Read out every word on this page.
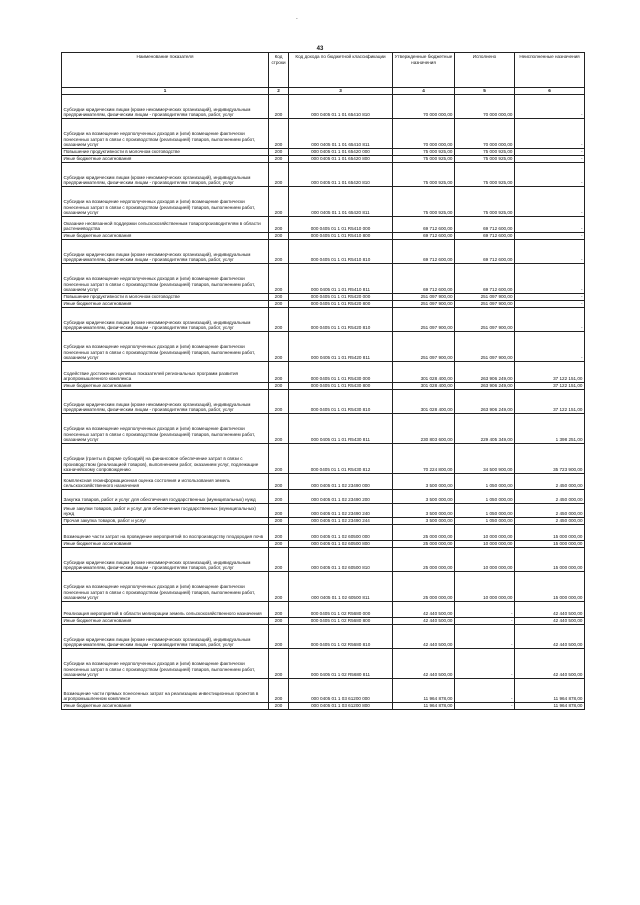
-
43
Наименование показателя	Код строки	Код дохода по бюджетной классификации	Утвержденные бюджетные назначения	Исполнено	Неисполненные назначения
1	2	3	4	5	6
Субсидии юридическим лицам (кроме некоммерческих организаций), индивидуальным предпринимателям, физическим лицам - производителям товаров, работ, услуг	200	000 0405 01 1 01 65410 810	70 000 000,00	70 000 000,00	-
Субсидии на возмещение недополученных доходов и (или) возмещение фактически понесенных затрат в связи с производством (реализацией) товаров, выполнением работ, оказанием услуг	200	000 0405 01 1 01 65410 811	70 000 000,00	70 000 000,00	-
Повышение продуктивности в молочном скотоводстве	200	000 0405 01 1 01 65420 000	75 000 925,00	75 000 925,00	-
Иные бюджетные ассигнования	200	000 0405 01 1 01 65420 800	75 000 925,00	75 000 925,00	-
Субсидии юридическим лицам (кроме некоммерческих организаций), индивидуальным предпринимателям, физическим лицам - производителям товаров, работ, услуг	200	000 0405 01 1 01 65420 810	75 000 925,00	75 000 925,00	-
Субсидии на возмещение недополученных доходов и (или) возмещение фактически понесенных затрат в связи с производством (реализацией) товаров, выполнением работ, оказанием услуг	200	000 0405 01 1 01 65420 811	75 000 925,00	75 000 925,00	-
Оказание несвязанной поддержки сельскохозяйственным товаропроизводителям в области растениеводства	200	000 0405 01 1 01 R5410 000	69 712 600,00	69 712 600,00	-
Иные бюджетные ассигнования	200	000 0405 01 1 01 R5410 800	69 712 600,00	69 712 600,00	-
Субсидии юридическим лицам (кроме некоммерческих организаций), индивидуальным предпринимателям, физическим лицам - производителям товаров, работ, услуг	200	000 0405 01 1 01 R5410 810	69 712 600,00	69 712 600,00	-
Субсидии на возмещение недополученных доходов и (или) возмещение фактически понесенных затрат в связи с производством (реализацией) товаров, выполнением работ, оказанием услуг	200	000 0405 01 1 01 R5410 811	69 712 600,00	69 712 600,00	-
Повышение продуктивности в молочном скотоводстве	200	000 0405 01 1 01 R5420 000	251 097 900,00	251 097 900,00	-
Иные бюджетные ассигнования	200	000 0405 01 1 01 R5420 800	251 097 900,00	251 097 900,00	-
Субсидии юридическим лицам (кроме некоммерческих организаций), индивидуальным предпринимателям, физическим лицам - производителям товаров, работ, услуг	200	000 0405 01 1 01 R5420 810	251 097 900,00	251 097 900,00	-
Субсидии на возмещение недополученных доходов и (или) возмещение фактически понесенных затрат в связи с производством (реализацией) товаров, выполнением работ, оказанием услуг	200	000 0405 01 1 01 R5420 811	251 097 900,00	251 097 900,00	-
Содействие достижению целевых показателей региональных программ развития агропромышленного комплекса	200	000 0405 01 1 01 R5430 000	301 028 400,00	263 906 249,00	37 122 151,00
Иные бюджетные ассигнования	200	000 0405 01 1 01 R5430 800	301 028 400,00	263 906 249,00	37 122 151,00
Субсидии юридическим лицам (кроме некоммерческих организаций), индивидуальным предпринимателям, физическим лицам - производителям товаров, работ, услуг	200	000 0405 01 1 01 R5430 810	301 028 400,00	263 906 249,00	37 122 151,00
Субсидии на возмещение недополученных доходов и (или) возмещение фактически понесенных затрат в связи с производством (реализацией) товаров, выполнением работ, оказанием услуг	200	000 0405 01 1 01 R5430 811	230 803 600,00	229 405 349,00	1 398 251,00
Субсидии (гранты в форме субсидий) на финансовое обеспечение затрат в связи с производством (реализацией товаров), выполнением работ, оказанием услуг, подлежащие казначейскому сопровождению	200	000 0405 01 1 01 R5430 812	70 224 800,00	34 500 900,00	35 723 900,00
Комплексная геоинформационная оценка состояния и использования земель сельскохозяйственного назначения	200	000 0405 01 1 02 23490 000	3 500 000,00	1 050 000,00	2 450 000,00
Закупка товаров, работ и услуг для обеспечения государственных (муниципальных) нужд	200	000 0405 01 1 02 23490 200	3 500 000,00	1 050 000,00	2 450 000,00
Иные закупки товаров, работ и услуг для обеспечения государственных (муниципальных) нужд	200	000 0405 01 1 02 23490 240	3 500 000,00	1 050 000,00	2 450 000,00
Прочая закупка товаров, работ и услуг	200	000 0405 01 1 02 23490 244	3 500 000,00	1 050 000,00	2 450 000,00
Возмещение части затрат на проведение мероприятий по воспроизводству плодородия почв	200	000 0405 01 1 02 60500 000	25 000 000,00	10 000 000,00	15 000 000,00
Иные бюджетные ассигнования	200	000 0405 01 1 02 60500 800	25 000 000,00	10 000 000,00	15 000 000,00
Субсидии юридическим лицам (кроме некоммерческих организаций), индивидуальным предпринимателям, физическим лицам - производителям товаров, работ, услуг	200	000 0405 01 1 02 60500 810	25 000 000,00	10 000 000,00	15 000 000,00
Субсидии на возмещение недополученных доходов и (или) возмещение фактически понесенных затрат в связи с производством (реализацией) товаров, выполнением работ, оказанием услуг	200	000 0405 01 1 02 60500 811	25 000 000,00	10 000 000,00	15 000 000,00
Реализация мероприятий в области мелиорации земель сельскохозяйственного назначения	200	000 0405 01 1 02 R5680 000	42 440 500,00	-	42 440 500,00
Иные бюджетные ассигнования	200	000 0405 01 1 02 R5680 800	42 440 500,00	-	42 440 500,00
Субсидии юридическим лицам (кроме некоммерческих организаций), индивидуальным предпринимателям, физическим лицам - производителям товаров, работ, услуг	200	000 0405 01 1 02 R5680 810	42 440 500,00	-	42 440 500,00
Субсидии на возмещение недополученных доходов и (или) возмещение фактически понесенных затрат в связи с производством (реализацией) товаров, выполнением работ, оказанием услуг	200	000 0405 01 1 02 R5680 811	42 440 500,00	-	42 440 500,00
Возмещение части прямых понесенных затрат на реализацию инвестиционных проектов в агропромышленном комплексе	200	000 0405 01 1 03 61200 000	11 964 878,00	-	11 964 878,00
Иные бюджетные ассигнования	200	000 0405 01 1 03 61200 800	11 964 878,00	-	11 964 878,00
